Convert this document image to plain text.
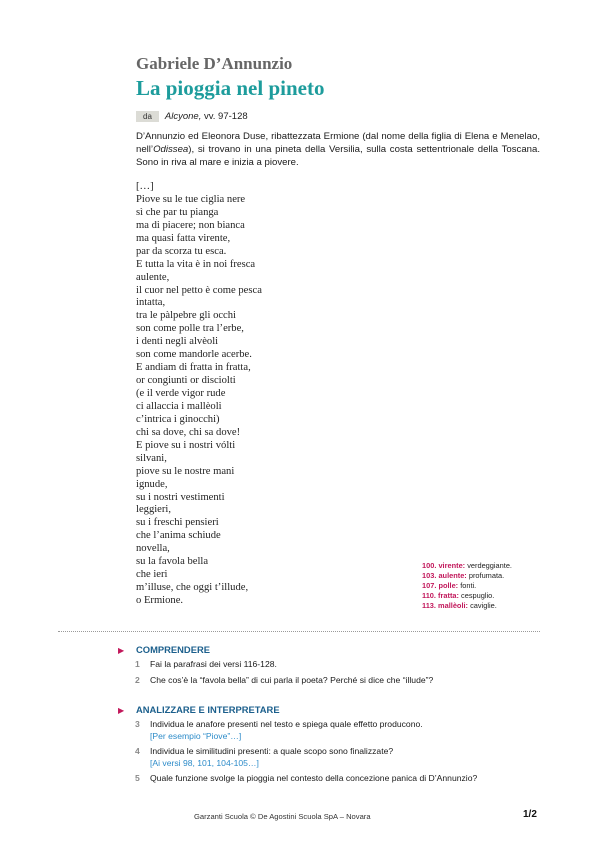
Gabriele D’Annunzio
La pioggia nel pineto
da Alcyone, vv. 97-128
D’Annunzio ed Eleonora Duse, ribattezzata Ermione (dal nome della figlia di Elena e Menelao, nell’Odissea), si trovano in una pineta della Versilia, sulla costa settentrionale della Toscana. Sono in riva al mare e inizia a piovere.
[…]
Piove su le tue ciglia nere
sì che par tu pianga
ma di piacere; non bianca
ma quasi fatta virente,
par da scorza tu esca.
E tutta la vita è in noi fresca
aulente,
il cuor nel petto è come pesca
intatta,
tra le pàlpebre gli occhi
son come polle tra l’erbe,
i denti negli alvèoli
son come mandorle acerbe.
E andiam di fratta in fratta,
or congiunti or disciolti
(e il verde vigor rude
ci allaccia i mallèoli
c’intrica i ginocchi)
chi sa dove, chi sa dove!
E piove su i nostri vólti
silvani,
piove su le nostre mani
ignude,
su i nostri vestimenti
leggieri,
su i freschi pensieri
che l’anima schiude
novella,
su la favola bella
che ieri
m’illuse, che oggi t’illude,
o Ermione.
100. virente: verdeggiante.
103. aulente: profumata.
107. polle: fonti.
110. fratta: cespuglio.
113. mallèoli: caviglie.
▶ COMPRENDERE
1 Fai la parafrasi dei versi 116-128.
2 Che cos’è la “favola bella” di cui parla il poeta? Perché si dice che “illude”?
▶ ANALIZZARE E INTERPRETARE
3 Individua le anafore presenti nel testo e spiega quale effetto producono.
[Per esempio “Piove”…]
4 Individua le similitudini presenti: a quale scopo sono finalizzate?
[Ai versi 98, 101, 104-105…]
5 Quale funzione svolge la pioggia nel contesto della concezione panica di D’Annunzio?
Garzanti Scuola © De Agostini Scuola SpA – Novara	1/2
